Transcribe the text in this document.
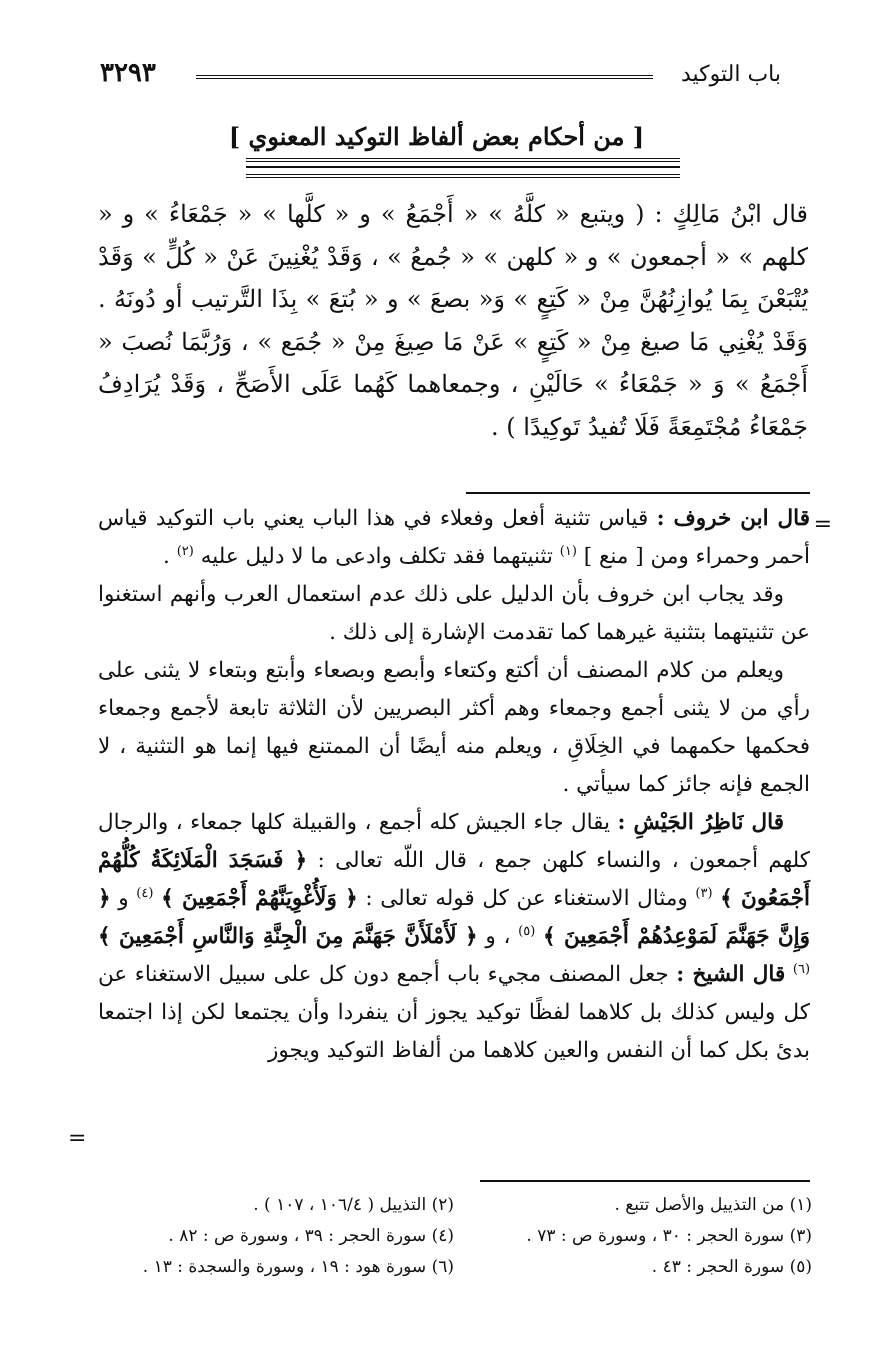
باب التوكيد
٣٢٩٣
[ من أحكام بعض ألفاظ التوكيد المعنوي ]
قال ابْنُ مَالِكٍ : ( ويتبع « كلَّهُ » « أَجْمَعُ » و « كلَّها » « جَمْعَاءُ » و « كلهم » « أجمعون » و « كلهن » « جُمعُ » ، وَقَدْ يُغْنِينَ عَنْ « كُلٍّ » وَقَدْ يُتْبَعْنَ بِمَا يُوازِنُهُنَّ مِنْ « كَتِعٍ » وَ« بصعَ » و « بُتعَ » بِذَا التَّرتيب أو دُونَهُ . وَقَدْ يُغْنِي مَا صيغ مِنْ « كَتِعٍ » عَنْ مَا صِيغَ مِنْ « جُمَع » ، وَرُبَّمَا نُصبَ « أَجْمَعُ » وَ « جَمْعَاءُ » حَالَيْنِ ، وجمعاهما كَهُما عَلَى الأَصَحِّ ، وَقَدْ يُرَادِفُ جَمْعَاءُ مُجْتَمِعَةً فَلَا تُفيدُ تَوكِيدًا ) .
=

قال ابن خروف : قياس تثنية أفعل وفعلاء في هذا الباب يعني باب التوكيد قياس أحمر وحمراء ومن [ منع ] $^{(١)}$ تثنيتهما فقد تكلف وادعى ما لا دليل عليه $^{(٢)}$ .

وقد يجاب ابن خروف بأن الدليل على ذلك عدم استعمال العرب وأنهم استغنوا عن تثنيتهما بتثنية غيرهما كما تقدمت الإشارة إلى ذلك .

ويعلم من كلام المصنف أن أكتع وكتعاء وأبصع وبصعاء وأبتع وبتعاء لا يثنى على رأي من لا يثنى أجمع وجمعاء وهم أكثر البصريين لأن الثلاثة تابعة لأجمع وجمعاء فحكمها حكمهما في الخِلَاقِ ، ويعلم منه أيضًا أن الممتنع فيها إنما هو التثنية ، لا الجمع فإنه جائز كما سيأتي .

قال نَاظِرُ الجَيْشِ : يقال جاء الجيش كله أجمع ، والقبيلة كلها جمعاء ، والرجال كلهم أجمعون ، والنساء كلهن جمع ، قال اللّه تعالى : ﴿ فَسَجَدَ الْمَلَائِكَةُ كُلُّهُمْ أَجْمَعُونَ ﴾ $^{(٣)}$ ومثال الاستغناء عن كل قوله تعالى : ﴿ وَلَأُغْوِيَنَّهُمْ أَجْمَعِينَ ﴾ $^{(٤)}$ و ﴿ وَإِنَّ جَهَنَّمَ لَمَوْعِدُهُمْ أَجْمَعِينَ ﴾ $^{(٥)}$ ، و ﴿ لَأَمْلَأَنَّ جَهَنَّمَ مِنَ الْجِنَّةِ وَالنَّاسِ أَجْمَعِينَ ﴾ $^{(٦)}$ قال الشيخ : جعل المصنف مجيء باب أجمع دون كل على سبيل الاستغناء عن كل وليس كذلك بل كلاهما لفظًا توكيد يجوز أن ينفردا وأن يجتمعا لكن إذا اجتمعا بدئ بكل كما أن النفس والعين كلاهما من ألفاظ التوكيد ويجوز

=
(١) من التذييل والأصل تتبع .
(٢) التذييل ( ١٠٦/٤ ، ١٠٧ ) .
(٣) سورة الحجر : ٣٠ ، وسورة ص : ٧٣ .
(٤) سورة الحجر : ٣٩ ، وسورة ص : ٨٢ .
(٥) سورة الحجر : ٤٣ .
(٦) سورة هود : ١٩ ، وسورة والسجدة : ١٣ .
